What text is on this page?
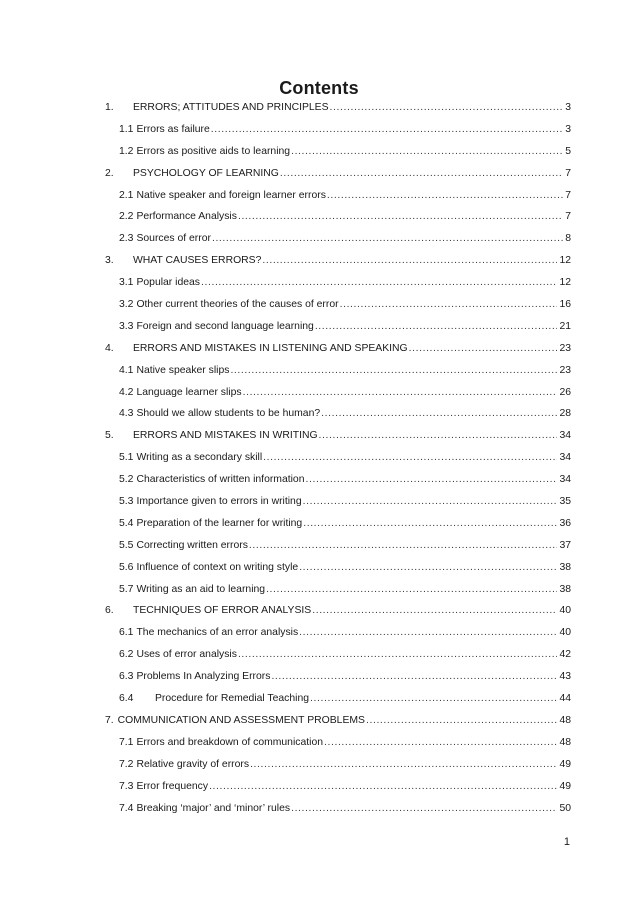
Contents
1.	ERRORS; ATTITUDES AND PRINCIPLES .....	3
1.1 Errors as failure .....	3
1.2 Errors as positive aids to learning .....	5
2.	PSYCHOLOGY OF LEARNING .....	7
2.1 Native speaker and foreign learner errors .....	7
2.2 Performance Analysis .....	7
2.3 Sources of error .....	8
3.	WHAT CAUSES ERRORS? .....	12
3.1 Popular ideas .....	12
3.2 Other current theories of the causes of error .....	16
3.3 Foreign and second language learning .....	21
4.	ERRORS AND MISTAKES IN LISTENING AND SPEAKING .....	23
4.1 Native speaker slips .....	23
4.2 Language learner slips .....	26
4.3 Should we allow students to be human? .....	28
5.	ERRORS AND MISTAKES IN WRITING .....	34
5.1 Writing as a secondary skill .....	34
5.2 Characteristics of written information .....	34
5.3 Importance given to errors in writing .....	35
5.4 Preparation of the learner for writing .....	36
5.5 Correcting written errors .....	37
5.6 Influence of context on writing style .....	38
5.7 Writing as an aid to learning .....	38
6.	TECHNIQUES OF ERROR ANALYSIS .....	40
6.1 The mechanics of an error analysis .....	40
6.2 Uses of error analysis .....	42
6.3 Problems In Analyzing Errors .....	43
6.4	Procedure for Remedial Teaching .....	44
7. COMMUNICATION AND ASSESSMENT PROBLEMS .....	48
7.1 Errors and breakdown of communication .....	48
7.2 Relative gravity of errors .....	49
7.3 Error frequency .....	49
7.4 Breaking ‘major’ and ‘minor’ rules .....	50
1
